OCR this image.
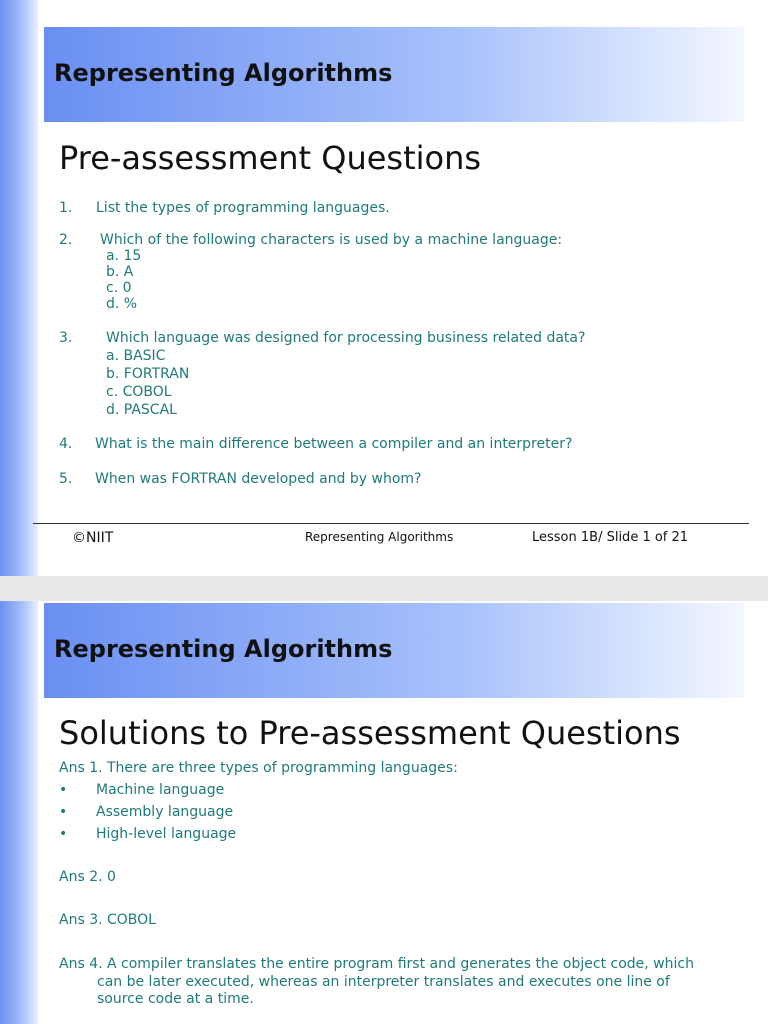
Representing Algorithms
Pre-assessment Questions
1. List the types of programming languages.
2. Which of the following characters is used by a machine language:
a. 15
b. A
c. 0
d. %
3. Which language was designed for processing business related data?
a. BASIC
b. FORTRAN
c. COBOL
d. PASCAL
4. What is the main difference between a compiler and an interpreter?
5. When was FORTRAN developed and by whom?
©NIIT	Representing Algorithms	Lesson 1B/ Slide 1 of 21
Representing Algorithms
Solutions to Pre-assessment Questions
Ans 1. There are three types of programming languages:
• Machine language
• Assembly language
• High-level language
Ans 2. 0
Ans 3. COBOL
Ans 4. A compiler translates the entire program first and generates the object code, which
can be later executed, whereas an interpreter translates and executes one line of
source code at a time.
